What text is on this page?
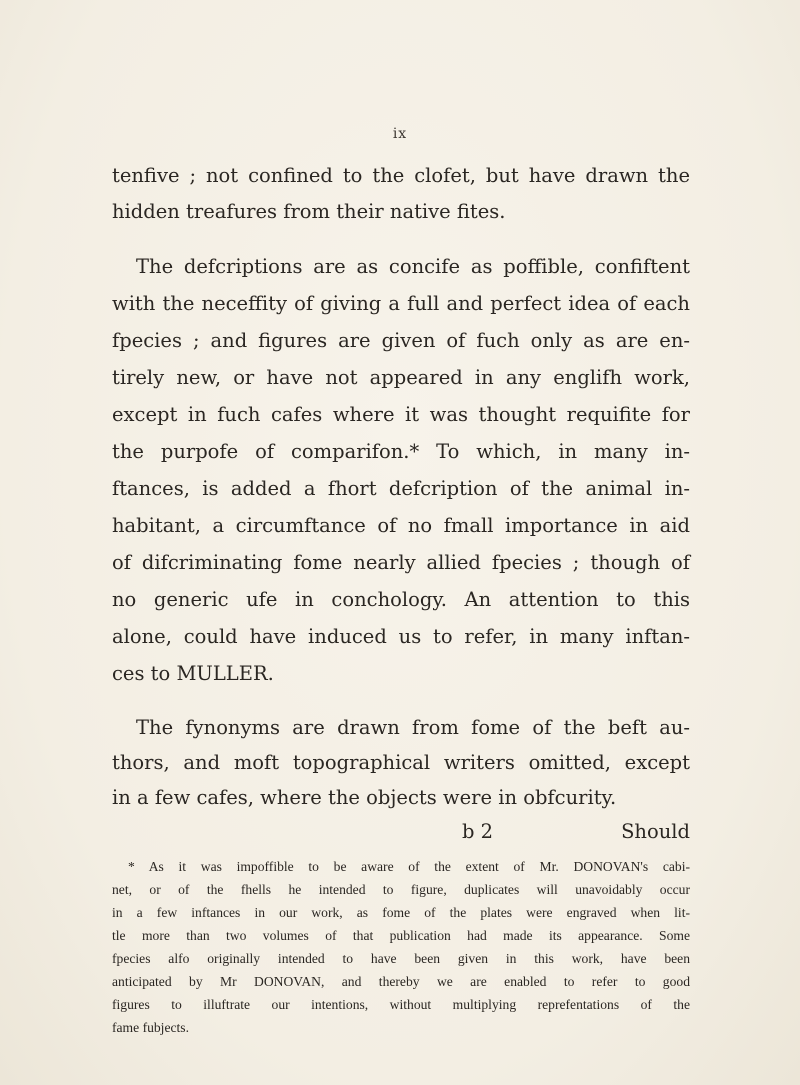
ix
tenfive ; not confined to the clofet, but have drawn the
hidden treafures from their native fites.
The defcriptions are as concife as poffible, confiftent
with the neceffity of giving a full and perfect idea of each
fpecies ; and figures are given of fuch only as are en-
tirely new, or have not appeared in any englifh work,
except in fuch cafes where it was thought requifite for
the purpofe of comparifon.* To which, in many in-
ftances, is added a fhort defcription of the animal in-
habitant, a circumftance of no fmall importance in aid
of difcriminating fome nearly allied fpecies ; though of
no generic ufe in conchology. An attention to this
alone, could have induced us to refer, in many inftan-
ces to MULLER.
The fynonyms are drawn from fome of the beft au-
thors, and moft topographical writers omitted, except
in a few cafes, where the objects were in obfcurity.
b 2	Should
* As it was impoffible to be aware of the extent of Mr. DONOVAN's cabi-
net, or of the fhells he intended to figure, duplicates will unavoidably occur
in a few inftances in our work, as fome of the plates were engraved when lit-
tle more than two volumes of that publication had made its appearance. Some
fpecies alfo originally intended to have been given in this work, have been
anticipated by Mr DONOVAN, and thereby we are enabled to refer to good
figures to illuftrate our intentions, without multiplying reprefentations of the
fame fubjects.
